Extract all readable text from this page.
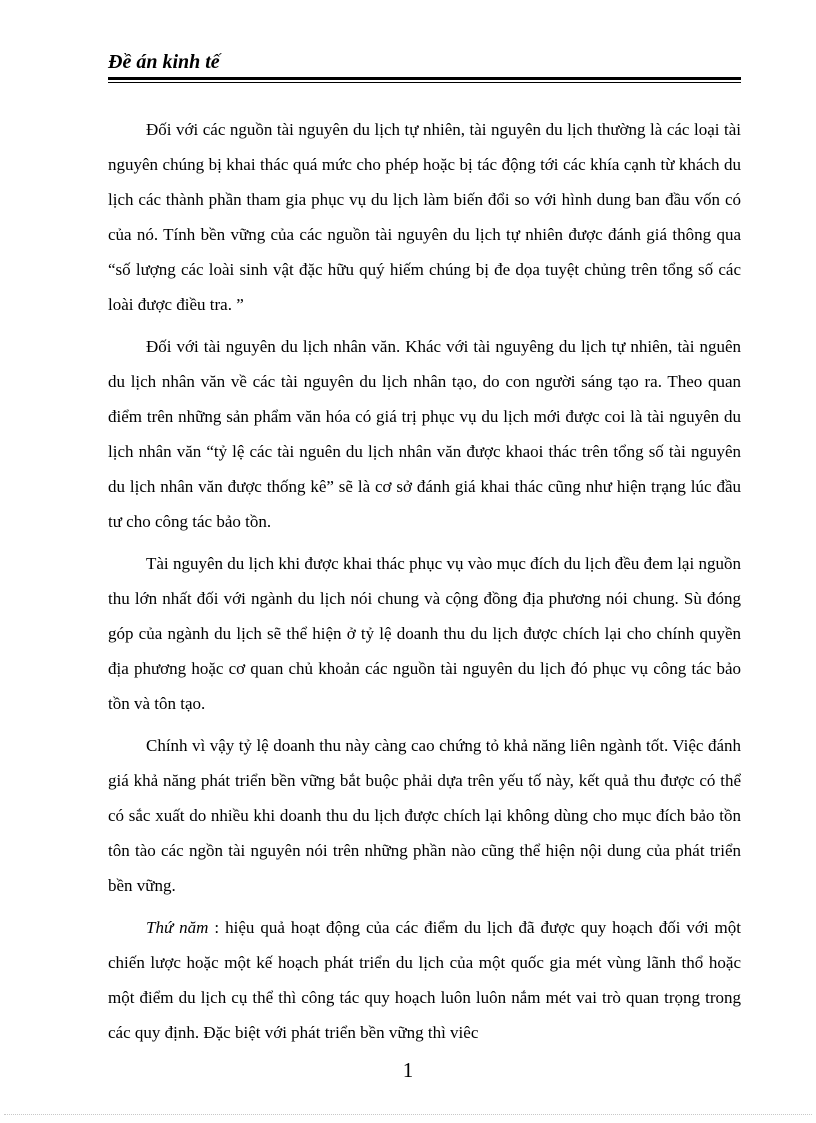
Đề án kinh tế

Đối với các nguồn tài nguyên du lịch tự nhiên, tài nguyên du lịch thường là các loại tài nguyên chúng bị khai thác quá mức cho phép hoặc bị tác động tới các khía cạnh từ khách du lịch các thành phần tham gia phục vụ du lịch làm biến đổi so với hình dung ban đầu vốn có của nó. Tính bền vững của các nguồn tài nguyên du lịch tự nhiên được đánh giá thông qua “số lượng các loài sinh vật đặc hữu quý hiếm chúng bị đe dọa tuyệt chủng trên tổng số các loài được điều tra. ”

Đối với tài nguyên du lịch nhân văn. Khác với tài nguyêng du lịch tự nhiên, tài nguên du lịch nhân văn về các tài nguyên du lịch nhân tạo, do con người sáng tạo ra. Theo quan điểm trên những sản phẩm văn hóa có giá trị phục vụ du lịch mới được coi là tài nguyên du lịch nhân văn “tỷ lệ các tài nguên du lịch nhân văn được khaoi thác trên tổng số tài nguyên du lịch nhân văn được thống kê” sẽ là cơ sở đánh giá khai thác cũng như hiện trạng lúc đầu tư cho công tác bảo tồn.

Tài nguyên du lịch khi được khai thác phục vụ vào mục đích du lịch đều đem lại nguồn thu lớn nhất đối với ngành du lịch nói chung và cộng đồng địa phương nói chung. Sù đóng góp của ngành du lịch sẽ thể hiện ở tỷ lệ doanh thu du lịch được chích lại cho chính quyền địa phương hoặc cơ quan chủ khoản các nguồn tài nguyên du lịch đó phục vụ công tác bảo tồn và tôn tạo.

Chính vì vậy tỷ lệ doanh thu này càng cao chứng tỏ khả năng liên ngành tốt. Việc đánh giá khả năng phát triển bền vững bắt buộc phải dựa trên yếu tố này, kết quả thu được có thể có sắc xuất do nhiều khi doanh thu du lịch được chích lại không dùng cho mục đích bảo tồn tôn tào các ngồn tài nguyên nói trên những phần nào cũng thể hiện nội dung của phát triển bền vững.

Thứ năm : hiệu quả hoạt động của các điểm du lịch đã được quy hoạch đối với một chiến lược hoặc một kế hoạch phát triển du lịch của một quốc gia mét vùng lãnh thổ hoặc một điểm du lịch cụ thể thì công tác quy hoạch luôn luôn nắm mét vai trò quan trọng trong các quy định. Đặc biệt với phát triển bền vững thì viêc

1
